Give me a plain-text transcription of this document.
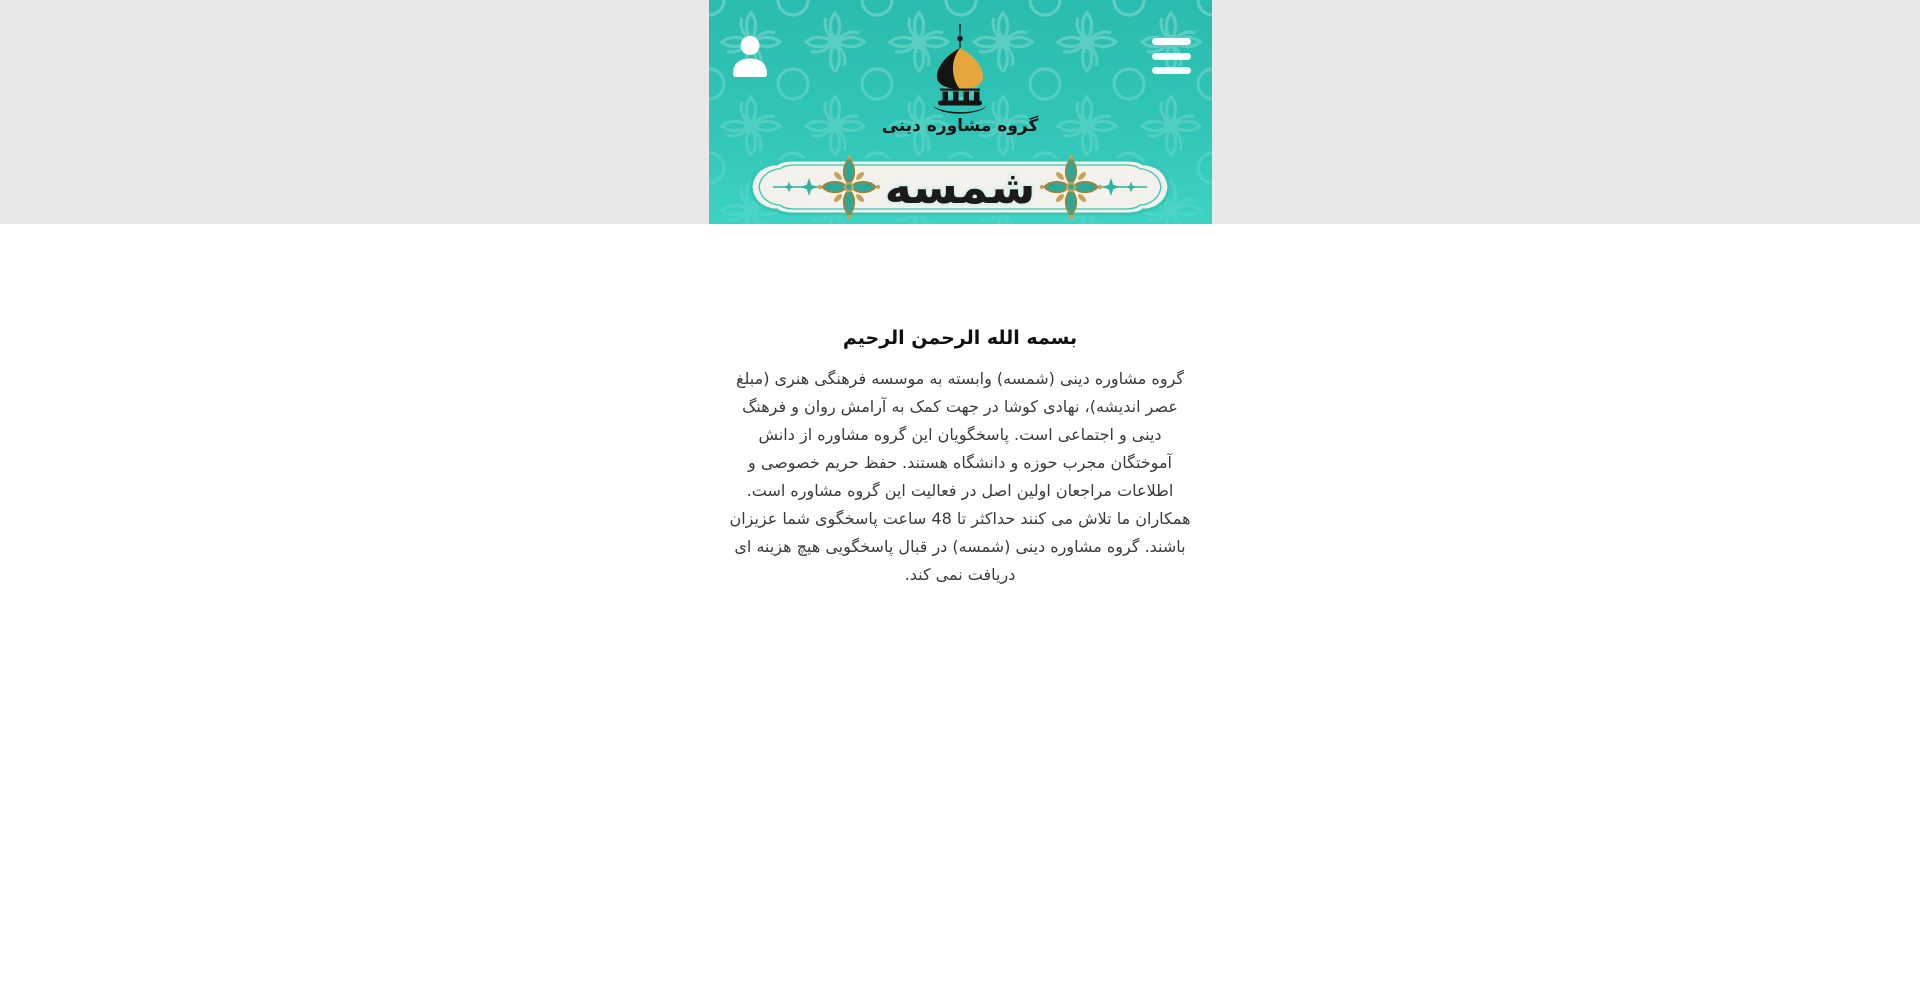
گروه مشاوره دینی
شمسه
بسمه الله الرحمن الرحیم

گروه مشاوره دینی (شمسه) وابسته به موسسه فرهنگی هنری (مبلغ عصر اندیشه)، نهادی کوشا در جهت کمک به آرامش روان و فرهنگ دینی و اجتماعی است. پاسخگویان این گروه مشاوره از دانش آموختگان مجرب حوزه و دانشگاه هستند. حفظ حریم خصوصی و اطلاعات مراجعان اولین اصل در فعالیت این گروه مشاوره است. همکاران ما تلاش می کنند حداکثر تا 48 ساعت پاسخگوی شما عزیزان باشند. گروه مشاوره دینی (شمسه) در قبال پاسخگویی هیچ هزینه ای دریافت نمی کند.
